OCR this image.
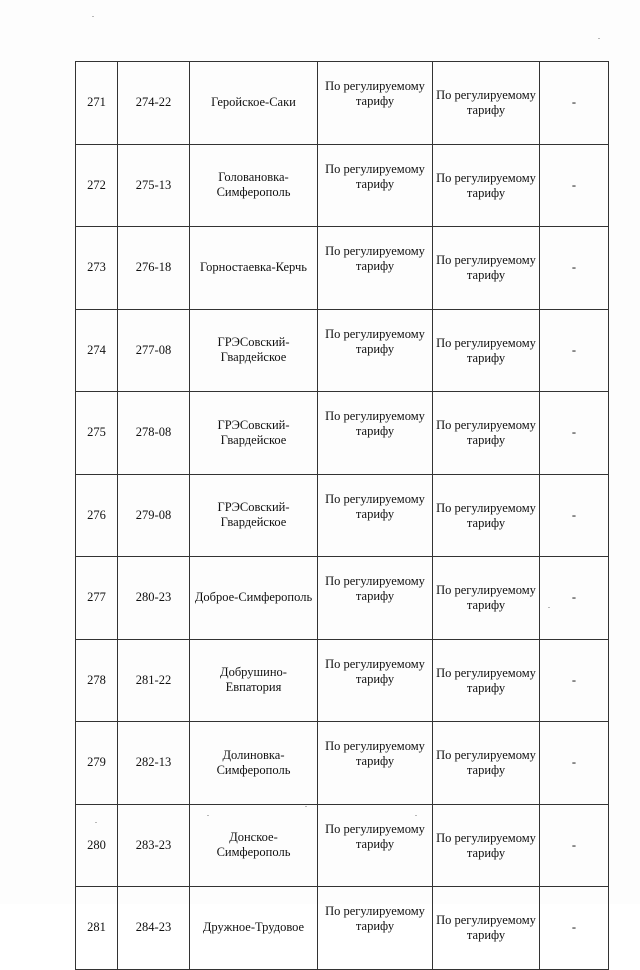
271	274-22	Геройское-Саки	По регулируемому тарифу	По регулируемому тарифу	-
272	275-13	Головановка-Симферополь	По регулируемому тарифу	По регулируемому тарифу	-
273	276-18	Горностаевка-Керчь	По регулируемому тарифу	По регулируемому тарифу	-
274	277-08	ГРЭСовский-Гвардейское	По регулируемому тарифу	По регулируемому тарифу	-
275	278-08	ГРЭСовский-Гвардейское	По регулируемому тарифу	По регулируемому тарифу	-
276	279-08	ГРЭСовский-Гвардейское	По регулируемому тарифу	По регулируемому тарифу	-
277	280-23	Доброе-Симферополь	По регулируемому тарифу	По регулируемому тарифу	-
278	281-22	Добрушино-Евпатория	По регулируемому тарифу	По регулируемому тарифу	-
279	282-13	Долиновка-Симферополь	По регулируемому тарифу	По регулируемому тарифу	-
280	283-23	Донское-Симферополь	По регулируемому тарифу	По регулируемому тарифу	-
281	284-23	Дружное-Трудовое	По регулируемому тарифу	По регулируемому тарифу	-
